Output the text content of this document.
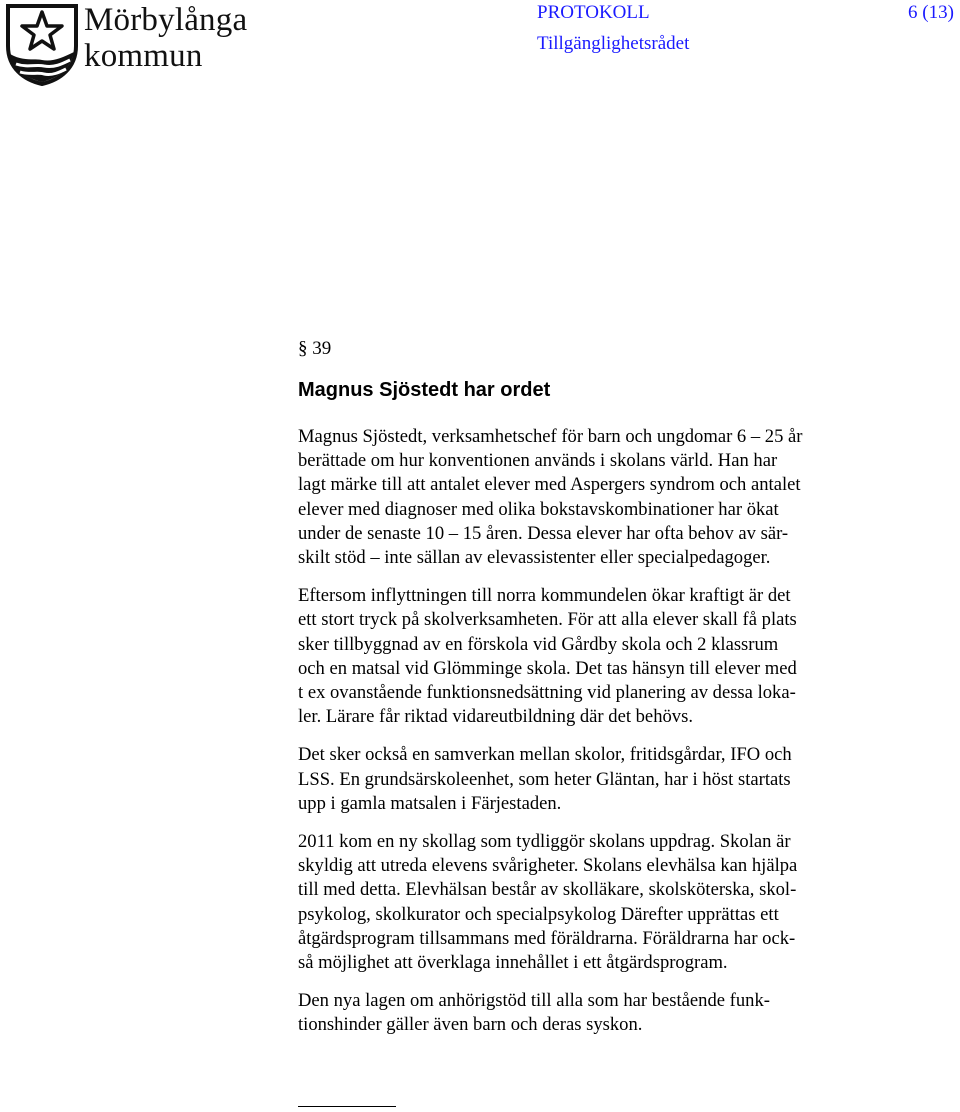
Mörbylånga
kommun
PROTOKOLL	6 (13)
Tillgänglighetsrådet
§ 39
Magnus Sjöstedt har ordet

Magnus Sjöstedt, verksamhetschef för barn och ungdomar 6 – 25 år
berättade om hur konventionen används i skolans värld. Han har
lagt märke till att antalet elever med Aspergers syndrom och antalet
elever med diagnoser med olika bokstavskombinationer har ökat
under de senaste 10 – 15 åren. Dessa elever har ofta behov av sär-
skilt stöd – inte sällan av elevassistenter eller specialpedagoger.

Eftersom inflyttningen till norra kommundelen ökar kraftigt är det
ett stort tryck på skolverksamheten. För att alla elever skall få plats
sker tillbyggnad av en förskola vid Gårdby skola och 2 klassrum
och en matsal vid Glömminge skola. Det tas hänsyn till elever med
t ex ovanstående funktionsnedsättning vid planering av dessa loka-
ler. Lärare får riktad vidareutbildning där det behövs.

Det sker också en samverkan mellan skolor, fritidsgårdar, IFO och
LSS. En grundsärskoleenhet, som heter Gläntan, har i höst startats
upp i gamla matsalen i Färjestaden.

2011 kom en ny skollag som tydliggör skolans uppdrag. Skolan är
skyldig att utreda elevens svårigheter. Skolans elevhälsa kan hjälpa
till med detta. Elevhälsan består av skolläkare, skolsköterska, skol-
psykolog, skolkurator och specialpsykolog Därefter upprättas ett
åtgärdsprogram tillsammans med föräldrarna. Föräldrarna har ock-
så möjlighet att överklaga innehållet i ett åtgärdsprogram.

Den nya lagen om anhörigstöd till alla som har bestående funk-
tionshinder gäller även barn och deras syskon.
